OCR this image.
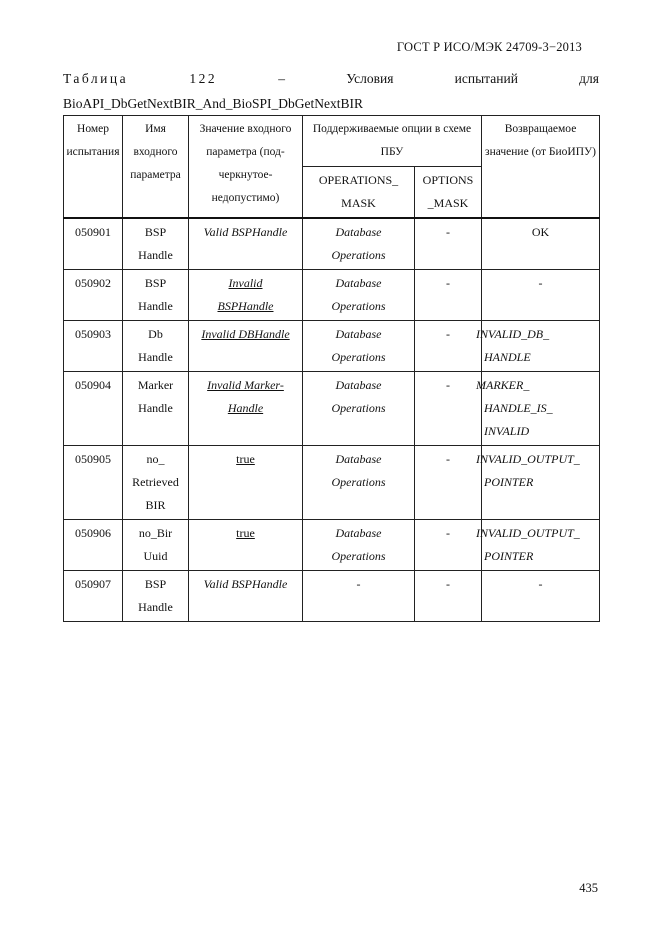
ГОСТ Р ИСО/МЭК 24709-3−2013
Таблица	122	–	Условия	испытаний	для
BioAPI_DbGetNextBIR_And_BioSPI_DbGetNextBIR
Номер испытания	Имя входного параметра	Значение входного параметра (под-черкнутое-недопустимо)	Поддерживаемые опции в схеме ПБУ		Возвращаемое значение (от БиоИПУ)
			OPERATIONS_ MASK	OPTIONS _MASK	

050901	BSP
Handle	Valid BSPHandle	Database
Operations	-	OK

050902	BSP
Handle	Invalid
BSPHandle	Database
Operations	-	-

050903	Db
Handle	Invalid DBHandle	Database
Operations	-	INVALID_DB_
HANDLE

050904	Marker
Handle	Invalid Marker-
Handle	Database
Operations	-	MARKER_
HANDLE_IS_
INVALID

050905	no_
Retrieved
BIR	true	Database
Operations	-	INVALID_OUTPUT_
POINTER

050906	no_Bir
Uuid	true	Database
Operations	-	INVALID_OUTPUT_
POINTER

050907	BSP
Handle	Valid BSPHandle	-	-	-
435
